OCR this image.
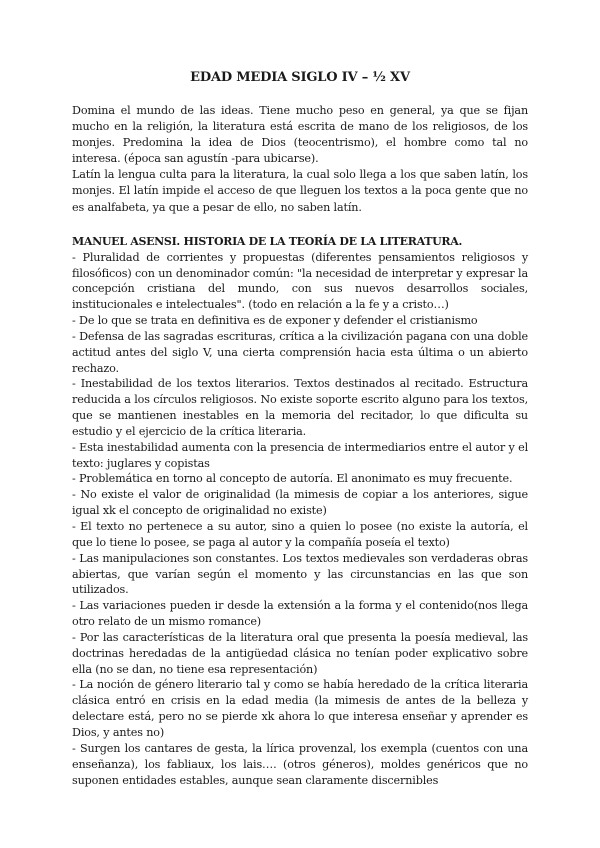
EDAD MEDIA SIGLO IV – ½ XV

Domina el mundo de las ideas. Tiene mucho peso en general, ya que se fijan mucho en la religión, la literatura está escrita de mano de los religiosos, de los monjes. Predomina la idea de Dios (teocentrismo), el hombre como tal no interesa. (época san agustín -para ubicarse).

Latín la lengua culta para la literatura, la cual solo llega a los que saben latín, los monjes. El latín impide el acceso de que lleguen los textos a la poca gente que no es analfabeta, ya que a pesar de ello, no saben latín.

MANUEL ASENSI. HISTORIA DE LA TEORÍA DE LA LITERATURA.
- Pluralidad de corrientes y propuestas (diferentes pensamientos religiosos y filosóficos) con un denominador común: "la necesidad de interpretar y expresar la concepción cristiana del mundo, con sus nuevos desarrollos sociales, institucionales e intelectuales". (todo en relación a la fe y a cristo…)
- De lo que se trata en definitiva es de exponer y defender el cristianismo
- Defensa de las sagradas escrituras, crítica a la civilización pagana con una doble actitud antes del siglo V, una cierta comprensión hacia esta última o un abierto rechazo.
- Inestabilidad de los textos literarios. Textos destinados al recitado. Estructura reducida a los círculos religiosos. No existe soporte escrito alguno para los textos, que se mantienen inestables en la memoria del recitador, lo que dificulta su estudio y el ejercicio de la crítica literaria.
- Esta inestabilidad aumenta con la presencia de intermediarios entre el autor y el texto: juglares y copistas
- Problemática en torno al concepto de autoría. El anonimato es muy frecuente.
- No existe el valor de originalidad (la mimesis de copiar a los anteriores, sigue igual xk el concepto de originalidad no existe)
- El texto no pertenece a su autor, sino a quien lo posee (no existe la autoría, el que lo tiene lo posee, se paga al autor y la compañía poseía el texto)
- Las manipulaciones son constantes. Los textos medievales son verdaderas obras abiertas, que varían según el momento y las circunstancias en las que son utilizados.
- Las variaciones pueden ir desde la extensión a la forma y el contenido(nos llega otro relato de un mismo romance)
- Por las características de la literatura oral que presenta la poesía medieval, las doctrinas heredadas de la antigüedad clásica no tenían poder explicativo sobre ella (no se dan, no tiene esa representación)
- La noción de género literario tal y como se había heredado de la crítica literaria clásica entró en crisis en la edad media (la mimesis de antes de la belleza y delectare está, pero no se pierde xk ahora lo que interesa enseñar y aprender es Dios, y antes no)
- Surgen los cantares de gesta, la lírica provenzal, los exempla (cuentos con una enseñanza), los fabliaux, los lais…. (otros géneros), moldes genéricos que no suponen entidades estables, aunque sean claramente discernibles
